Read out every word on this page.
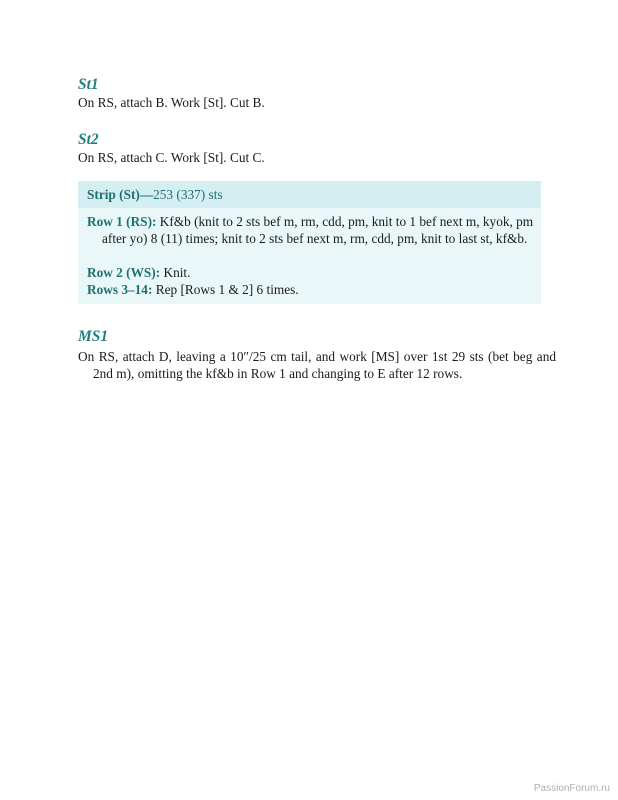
St1
On RS, attach B. Work [St]. Cut B.
St2
On RS, attach C. Work [St]. Cut C.
Strip (St)—253 (337) sts
Row 1 (RS): Kf&b (knit to 2 sts bef m, rm, cdd, pm, knit to 1 bef next m, kyok, pm after yo) 8 (11) times; knit to 2 sts bef next m, rm, cdd, pm, knit to last st, kf&b.
Row 2 (WS): Knit.
Rows 3–14: Rep [Rows 1 & 2] 6 times.
MS1
On RS, attach D, leaving a 10″/25 cm tail, and work [MS] over 1st 29 sts (bet beg and 2nd m), omitting the kf&b in Row 1 and changing to E after 12 rows.
PassionForum.ru
